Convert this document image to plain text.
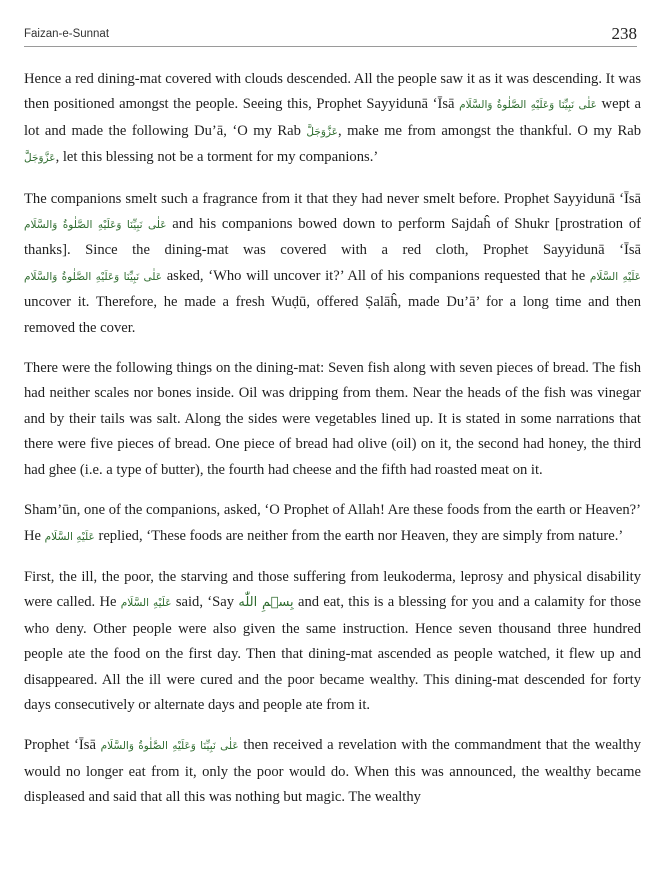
Faizan-e-Sunnat	238

Hence a red dining-mat covered with clouds descended. All the people saw it as it was descending. It was then positioned amongst the people. Seeing this, Prophet Sayyidunā ‘Īsā عَلٰی نَبِیِّنَا وَعَلَیْهِ الصَّلٰوةُ وَالسَّلَام wept a lot and made the following Du’ā, ‘O my Rab عَزَّوَجَلَّ, make me from amongst the thankful. O my Rab عَزَّوَجَلَّ, let this blessing not be a torment for my companions.’

The companions smelt such a fragrance from it that they had never smelt before. Prophet Sayyidunā ‘Īsā عَلٰی نَبِیِّنَا وَعَلَیْهِ الصَّلٰوةُ وَالسَّلَام and his companions bowed down to perform Sajdaĥ of Shukr [prostration of thanks]. Since the dining-mat was covered with a red cloth, Prophet Sayyidunā ‘Īsā عَلٰی نَبِیِّنَا وَعَلَیْهِ الصَّلٰوةُ وَالسَّلَام asked, ‘Who will uncover it?’ All of his companions requested that he عَلَیْهِ السَّلَام uncover it. Therefore, he made a fresh Wuḍū, offered Ṣalāĥ, made Du’ā’ for a long time and then removed the cover.

There were the following things on the dining-mat: Seven fish along with seven pieces of bread. The fish had neither scales nor bones inside. Oil was dripping from them. Near the heads of the fish was vinegar and by their tails was salt. Along the sides were vegetables lined up. It is stated in some narrations that there were five pieces of bread. One piece of bread had olive (oil) on it, the second had honey, the third had ghee (i.e. a type of butter), the fourth had cheese and the fifth had roasted meat on it.

Sham’ūn, one of the companions, asked, ‘O Prophet of Allah! Are these foods from the earth or Heaven?’ He عَلَیْهِ السَّلَام replied, ‘These foods are neither from the earth nor Heaven, they are simply from nature.’

First, the ill, the poor, the starving and those suffering from leukoderma, leprosy and physical disability were called. He عَلَیْهِ السَّلَام said, ‘Say بِسۡمِ اللّٰه and eat, this is a blessing for you and a calamity for those who deny. Other people were also given the same instruction. Hence seven thousand three hundred people ate the food on the first day. Then that dining-mat ascended as people watched, it flew up and disappeared. All the ill were cured and the poor became wealthy. This dining-mat descended for forty days consecutively or alternate days and people ate from it.

Prophet ‘Īsā عَلٰی نَبِیِّنَا وَعَلَیْهِ الصَّلٰوةُ وَالسَّلَام then received a revelation with the commandment that the wealthy would no longer eat from it, only the poor would do. When this was announced, the wealthy became displeased and said that all this was nothing but magic. The wealthy
